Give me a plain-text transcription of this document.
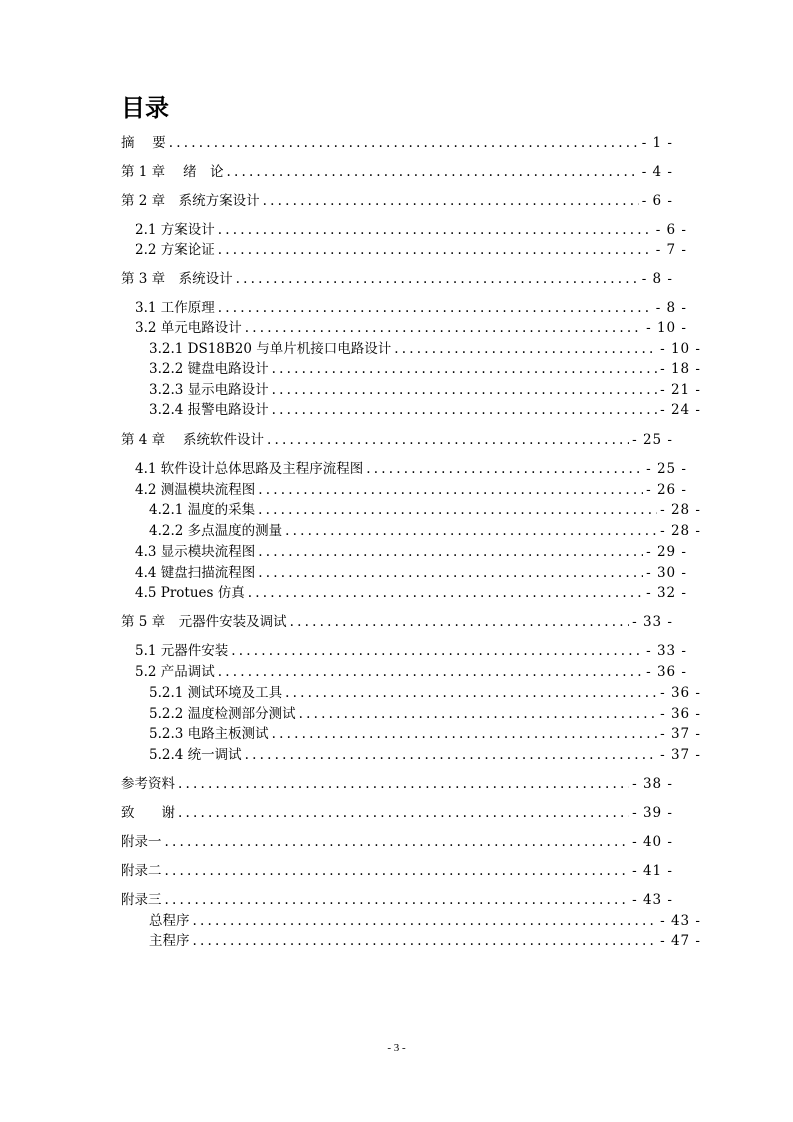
目录
摘　 要 .....	- 1 -
第 1 章　 绪　论 .....	- 4 -
第 2 章　系统方案设计 .....	- 6 -
2.1 方案设计 .....	- 6 -
2.2 方案论证 .....	- 7 -
第 3 章　系统设计 .....	- 8 -
3.1 工作原理 .....	- 8 -
3.2 单元电路设计 .....	- 10 -
3.2.1 DS18B20 与单片机接口电路设计 .....	- 10 -
3.2.2 键盘电路设计 .....	- 18 -
3.2.3 显示电路设计 .....	- 21 -
3.2.4 报警电路设计 .....	- 24 -
第 4 章　 系统软件设计 .....	- 25 -
4.1 软件设计总体思路及主程序流程图 .....	- 25 -
4.2 测温模块流程图 .....	- 26 -
4.2.1 温度的采集 .....	- 28 -
4.2.2 多点温度的测量 .....	- 28 -
4.3 显示模块流程图 .....	- 29 -
4.4 键盘扫描流程图 .....	- 30 -
4.5 Protues 仿真 .....	- 32 -
第 5 章　元器件安装及调试 .....	- 33 -
5.1 元器件安装 .....	- 33 -
5.2 产品调试 .....	- 36 -
5.2.1 测试环境及工具 .....	- 36 -
5.2.2 温度检测部分测试 .....	- 36 -
5.2.3 电路主板测试 .....	- 37 -
5.2.4 统一调试 .....	- 37 -
参考资料 .....	- 38 -
致　　谢 .....	- 39 -
附录一 .....	- 40 -
附录二 .....	- 41 -
附录三 .....	- 43 -
总程序 .....	- 43 -
主程序 .....	- 47 -
- 3 -
